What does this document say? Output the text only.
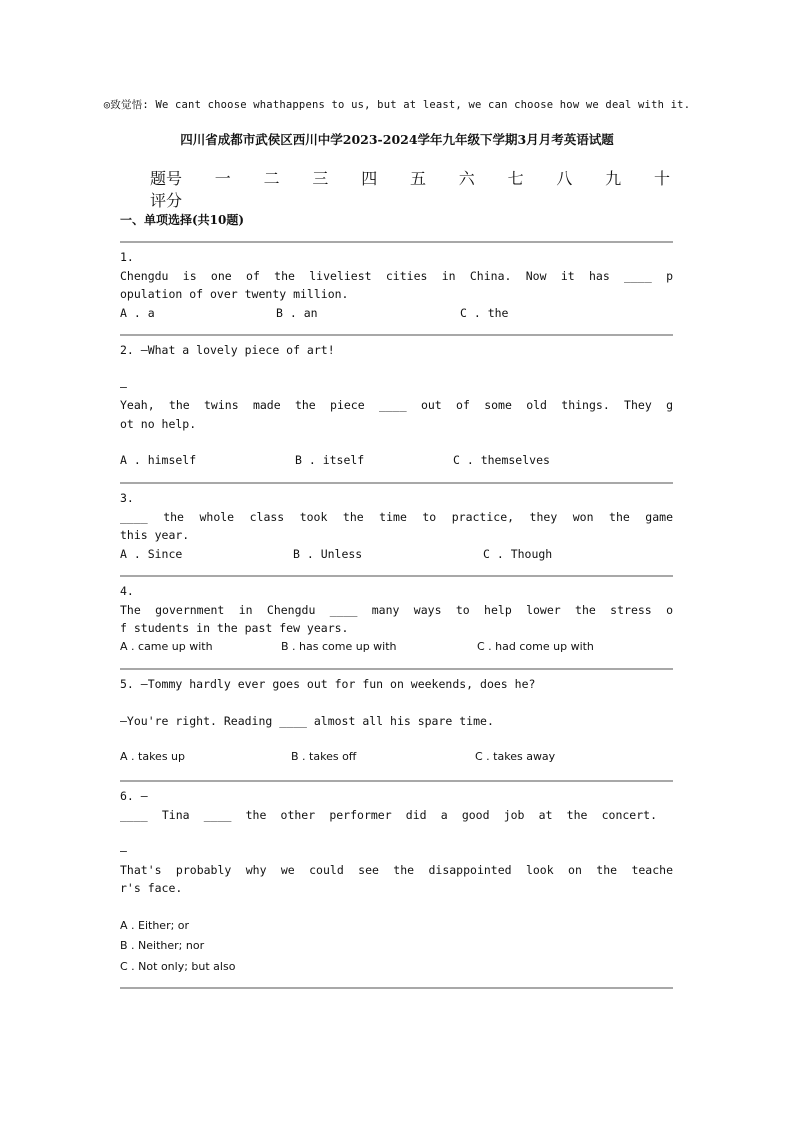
◎致觉悟: We cant choose whathappens to us, but at least, we can choose how we deal with it.
四川省成都市武侯区西川中学2023-2024学年九年级下学期3月月考英语试题
题号 一 二 三 四 五 六 七 八 九 十
评分
一、单项选择(共10题)
1.
Chengdu is one of the liveliest cities in China. Now it has ____ p
opulation of over twenty million.
A . a	B . an	C . the
2. —What a lovely piece of art!
—
Yeah, the twins made the piece ____ out of some old things. They g
ot no help.
A . himself	B . itself	C . themselves
3.
____ the whole class took the time to practice, they won the game
this year.
A . Since	B . Unless	C . Though
4.
The government in Chengdu ____ many ways to help lower the stress o
f students in the past few years.
A . came up with	B . has come up with	C . had come up with
5. —Tommy hardly ever goes out for fun on weekends, does he?
—You're right. Reading ____ almost all his spare time.
A . takes up	B . takes off	C . takes away
6. —
____ Tina ____ the other performer did a good job at the concert.
—
That's probably why we could see the disappointed look on the teache
r's face.
A . Either; or
B . Neither; nor
C . Not only; but also
